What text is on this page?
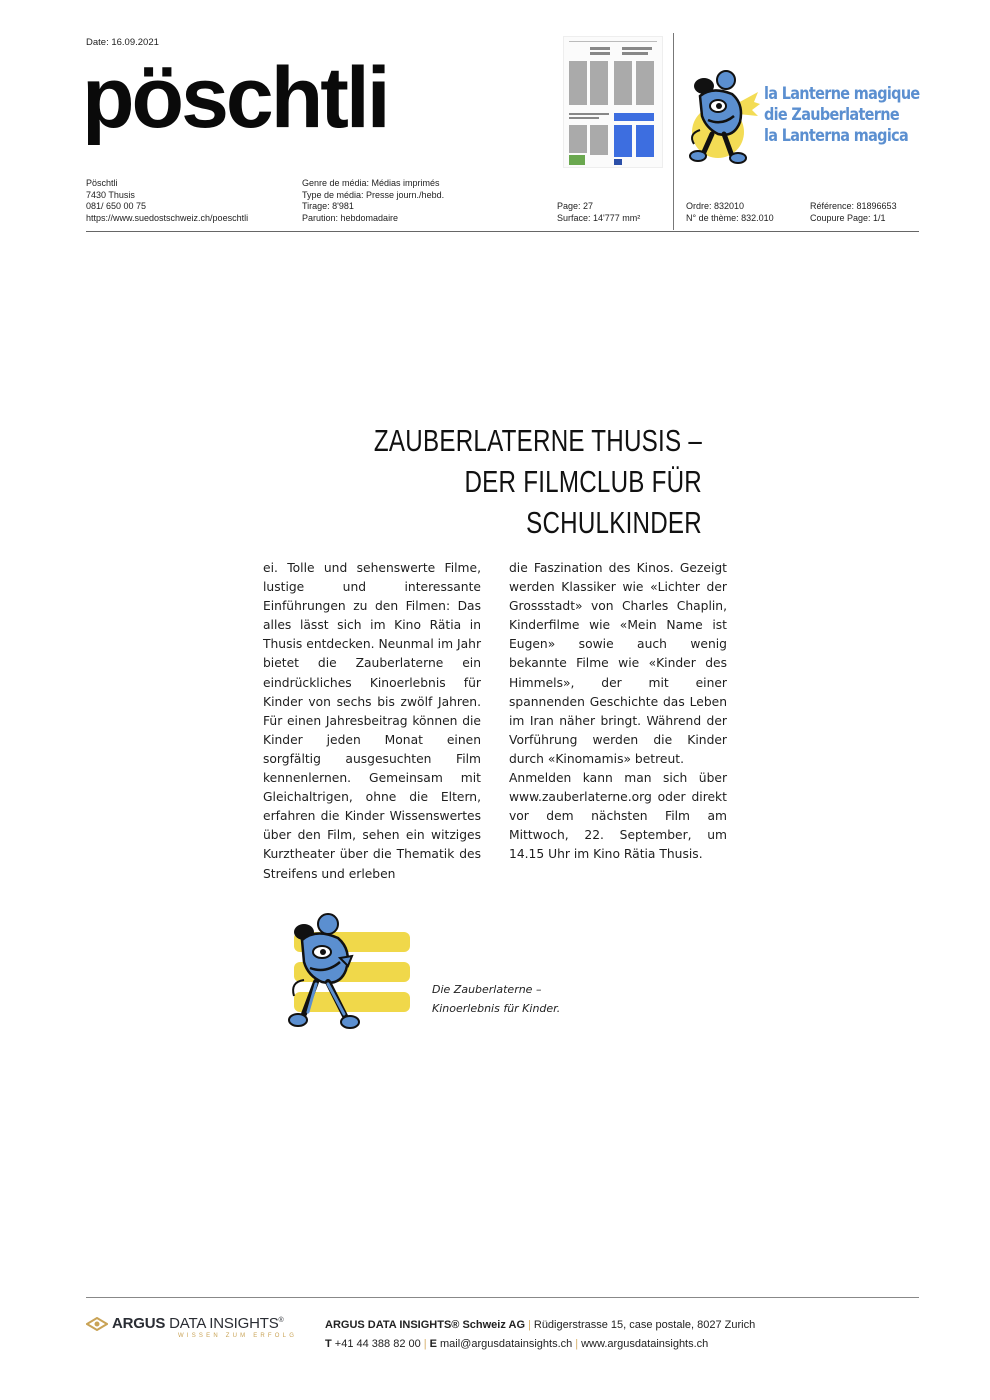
Date: 16.09.2021
pöschtli	la Lanterne magique
die Zauberlaterne
la Lanterna magica
Pöschtli
7430 Thusis
081/ 650 00 75
https://www.suedostschweiz.ch/poeschtli
Genre de média: Médias imprimés
Type de média: Presse journ./hebd.
Tirage: 8'981
Parution: hebdomadaire
Page: 27
Surface: 14'777 mm²
Ordre: 832010
N° de thème: 832.010
Référence: 81896653
Coupure Page: 1/1
ZAUBERLATERNE THUSIS –
DER FILMCLUB FÜR SCHULKINDER

ei. Tolle und sehenswerte Filme, lustige und interessante Einführungen zu den Filmen: Das alles lässt sich im Kino Rätia in Thusis entdecken. Neunmal im Jahr bietet die Zauberlaterne ein eindrückliches Kinoerlebnis für Kinder von sechs bis zwölf Jahren. Für einen Jahresbeitrag können die Kinder jeden Monat einen sorgfältig ausgesuchten Film kennenlernen. Gemeinsam mit Gleichaltrigen, ohne die Eltern, erfahren die Kinder Wissenswertes über den Film, sehen ein witziges Kurztheater über die Thematik des Streifens und erleben

die Faszination des Kinos. Gezeigt werden Klassiker wie «Lichter der Grossstadt» von Charles Chaplin, Kinderfilme wie «Mein Name ist Eugen» sowie auch wenig bekannte Filme wie «Kinder des Himmels», der mit einer spannenden Geschichte das Leben im Iran näher bringt. Während der Vorführung werden die Kinder durch «Kinomamis» betreut.

Anmelden kann man sich über www.zauberlaterne.org oder direkt vor dem nächsten Film am Mittwoch, 22. September, um 14.15 Uhr im Kino Rätia Thusis.

Die Zauberlaterne –
Kinoerlebnis für Kinder.
ARGUS DATA INSIGHTS®
WISSEN ZUM ERFOLG
ARGUS DATA INSIGHTS® Schweiz AG | Rüdigerstrasse 15, case postale, 8027 Zurich
T +41 44 388 82 00 | E mail@argusdatainsights.ch | www.argusdatainsights.ch
